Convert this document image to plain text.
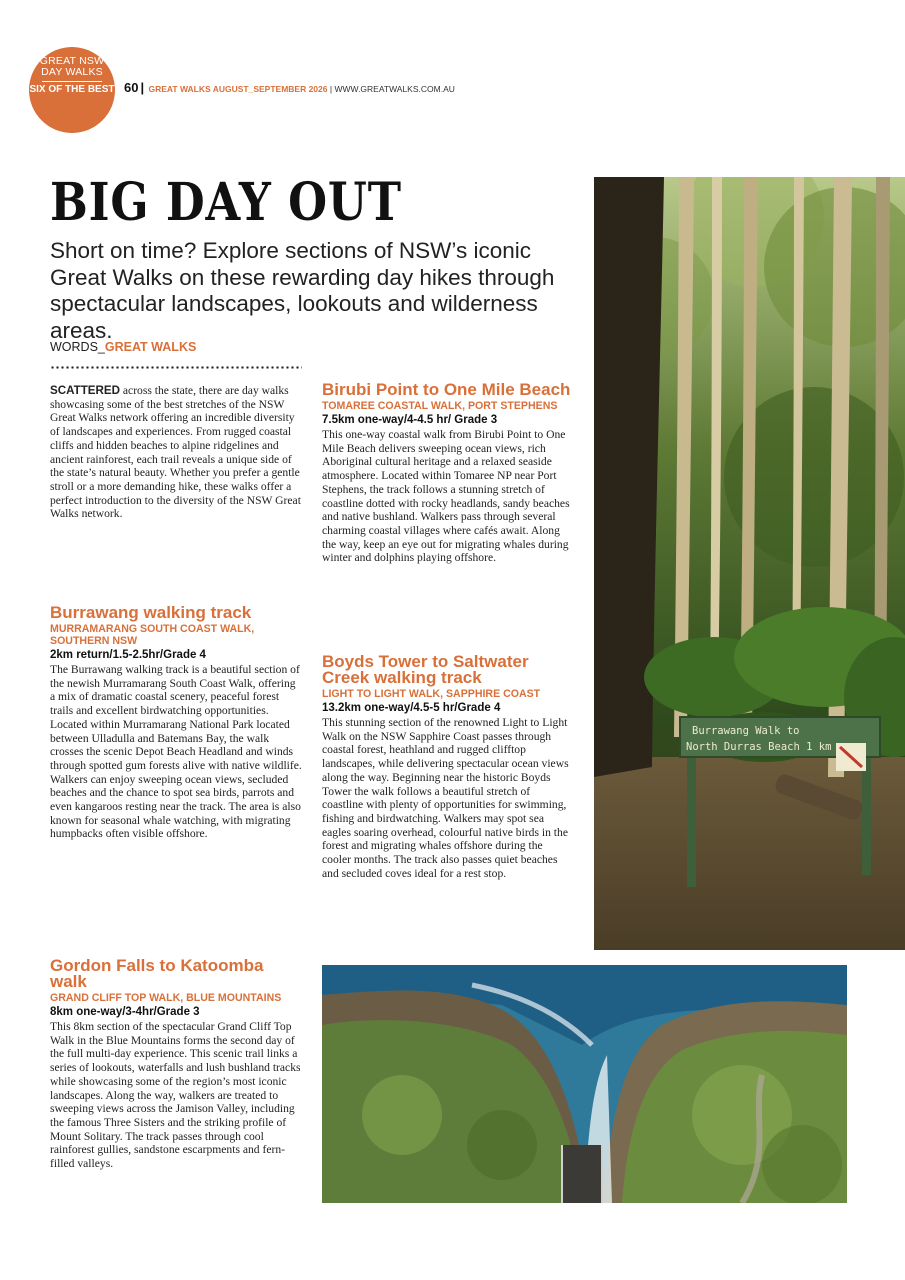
GREAT NSW DAY WALKS
SIX OF THE BEST 60 | GREAT WALKS AUGUST_SEPTEMBER 2026 | WWW.GREATWALKS.COM.AU
BIG DAY OUT

Short on time? Explore sections of NSW’s iconic Great Walks on these rewarding day hikes through spectacular landscapes, lookouts and wilderness areas.

WORDS_GREAT WALKS

SCATTERED across the state, there are day walks showcasing some of the best stretches of the NSW Great Walks network offering an incredible diversity of landscapes and experiences. From rugged coastal cliffs and hidden beaches to alpine ridgelines and ancient rainforest, each trail reveals a unique side of the state’s natural beauty. Whether you prefer a gentle stroll or a more demanding hike, these walks offer a perfect introduction to the diversity of the NSW Great Walks network.

Burrawang walking track
MURRAMARANG SOUTH COAST WALK, SOUTHERN NSW
2km return/1.5-2.5hr/Grade 4

The Burrawang walking track is a beautiful section of the newish Murramarang South Coast Walk, offering a mix of dramatic coastal scenery, peaceful forest trails and excellent birdwatching opportunities. Located within Murramarang National Park located between Ulladulla and Batemans Bay, the walk crosses the scenic Depot Beach Headland and winds through spotted gum forests alive with native wildlife. Walkers can enjoy sweeping ocean views, secluded beaches and the chance to spot sea birds, parrots and even kangaroos resting near the track. The area is also known for seasonal whale watching, with migrating humpbacks often visible offshore.

Gordon Falls to Katoomba walk
GRAND CLIFF TOP WALK, BLUE MOUNTAINS
8km one-way/3-4hr/Grade 3

This 8km section of the spectacular Grand Cliff Top Walk in the Blue Mountains forms the second day of the full multi-day experience. This scenic trail links a series of lookouts, waterfalls and lush bushland tracks while showcasing some of the region’s most iconic landscapes. Along the way, walkers are treated to sweeping views across the Jamison Valley, including the famous Three Sisters and the striking profile of Mount Solitary. The track passes through cool rainforest gullies, sandstone escarpments and fern-filled valleys.

Birubi Point to One Mile Beach
TOMAREE COASTAL WALK, PORT STEPHENS
7.5km one-way/4-4.5 hr/ Grade 3

This one-way coastal walk from Birubi Point to One Mile Beach delivers sweeping ocean views, rich Aboriginal cultural heritage and a relaxed seaside atmosphere. Located within Tomaree NP near Port Stephens, the track follows a stunning stretch of coastline dotted with rocky headlands, sandy beaches and native bushland. Walkers pass through several charming coastal villages where cafés await. Along the way, keep an eye out for migrating whales during winter and dolphins playing offshore.

Boyds Tower to Saltwater Creek walking track
LIGHT TO LIGHT WALK, SAPPHIRE COAST
13.2km one-way/4.5-5 hr/Grade 4

This stunning section of the renowned Light to Light Walk on the NSW Sapphire Coast passes through coastal forest, heathland and rugged clifftop landscapes, while delivering spectacular ocean views along the way. Beginning near the historic Boyds Tower the walk follows a beautiful stretch of coastline with plenty of opportunities for swimming, fishing and birdwatching. Walkers may spot sea eagles soaring overhead, colourful native birds in the forest and migrating whales offshore during the cooler months. The track also passes quiet beaches and secluded coves ideal for a rest stop.

Burrawang Walk to
North Durras Beach 1 km
